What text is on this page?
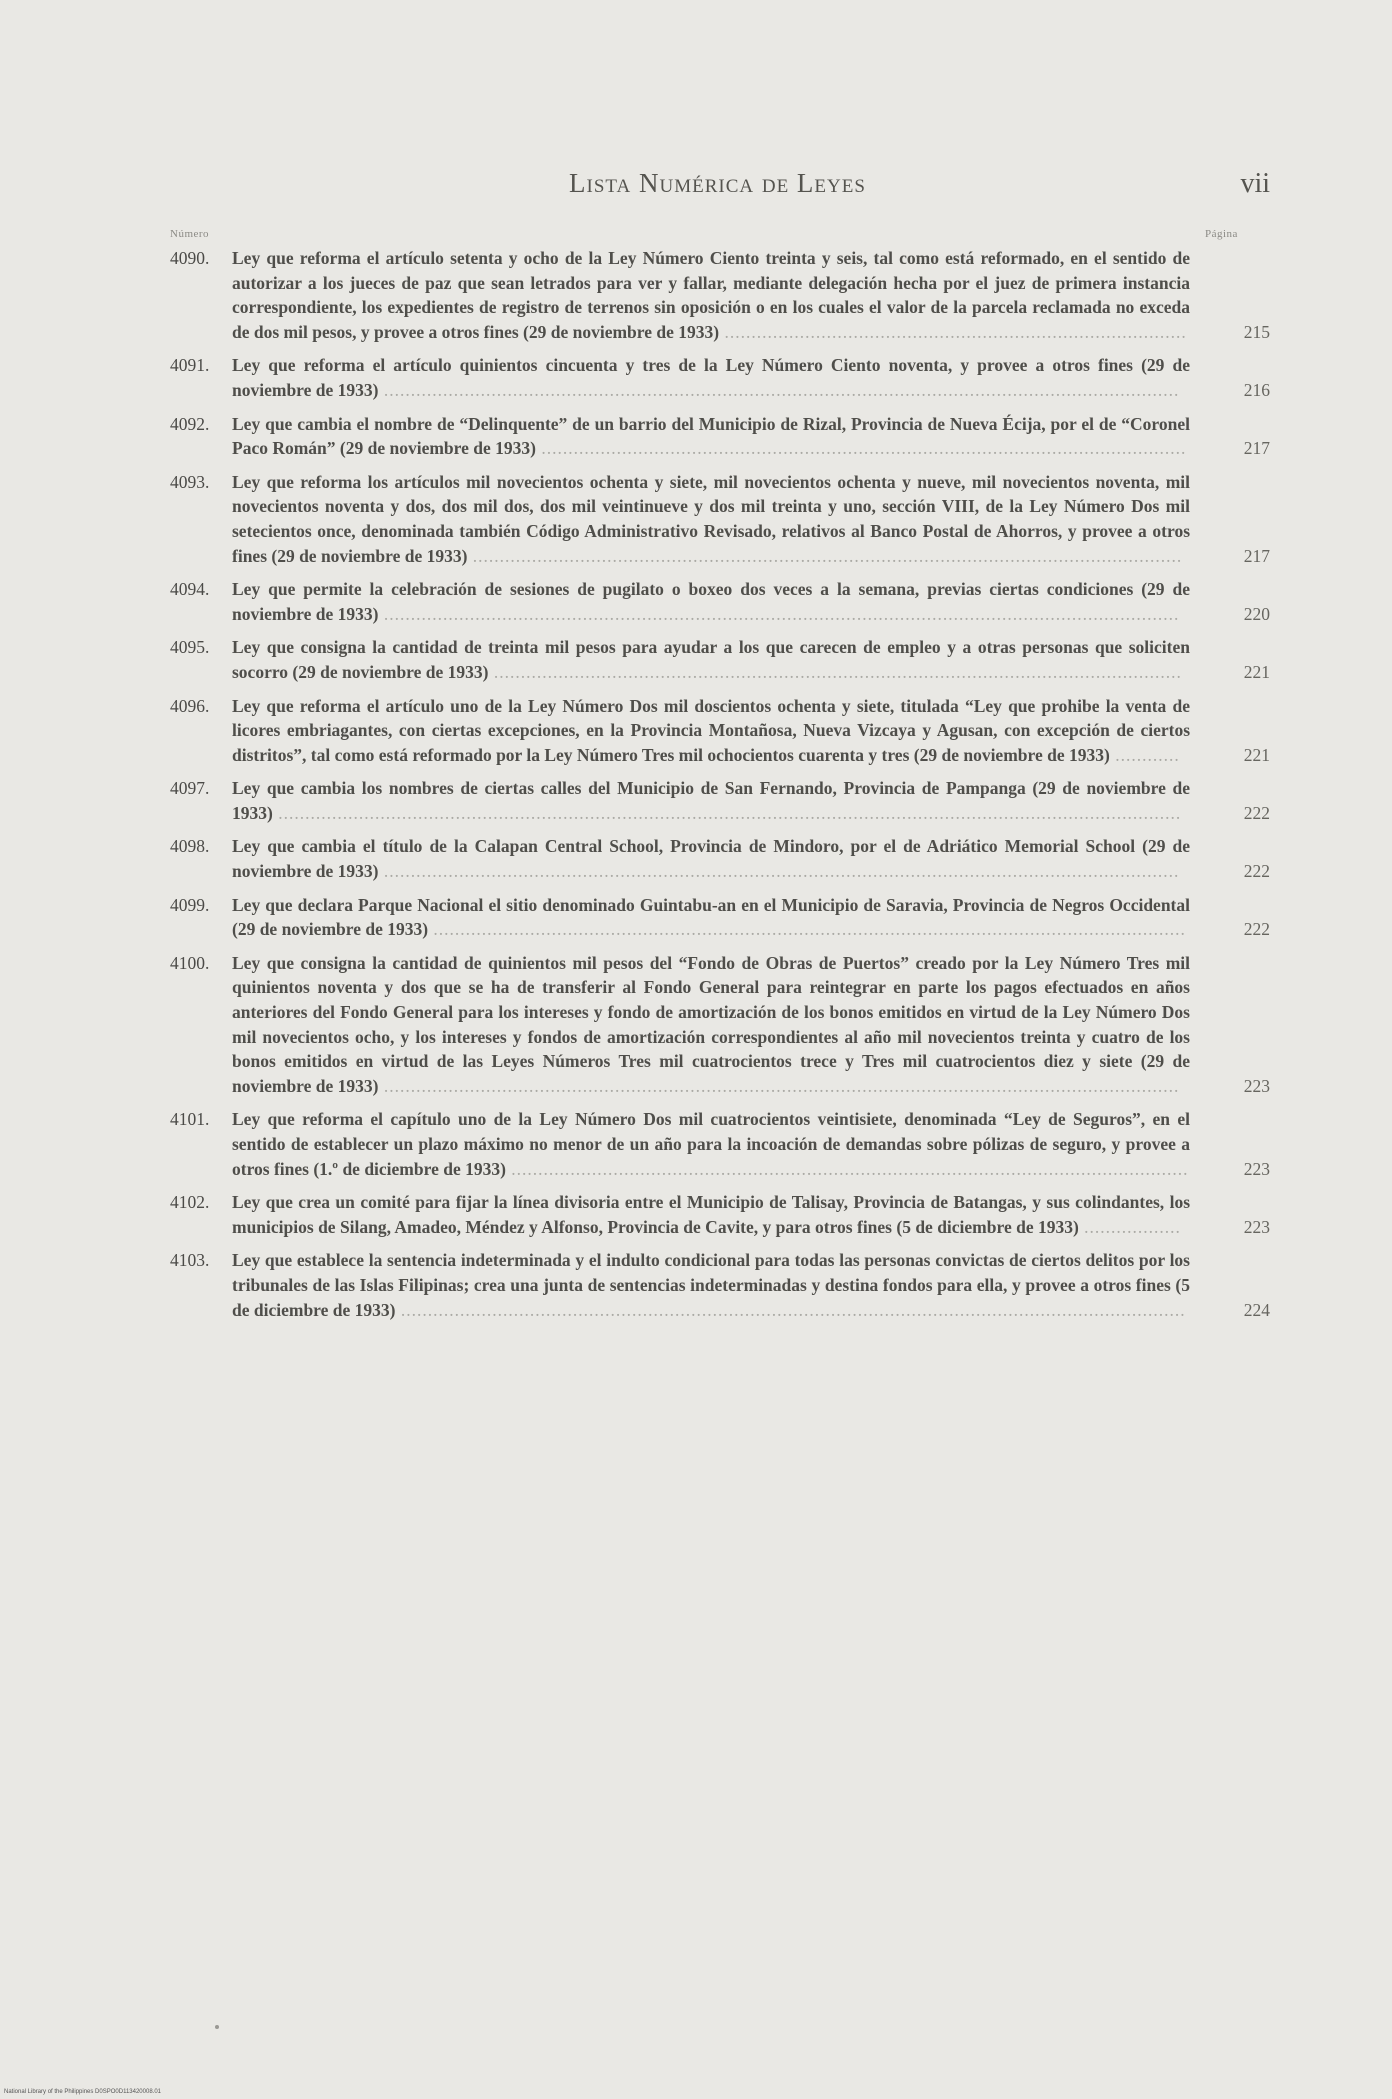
Lista Numérica de Leyes	vii
Número	Página
4090.	Ley que reforma el artículo setenta y ocho de la Ley Número Ciento treinta y seis, tal como está reformado, en el sentido de autorizar a los jueces de paz que sean letrados para ver y fallar, mediante delegación hecha por el juez de primera instancia correspondiente, los expedientes de registro de terrenos sin oposición o en los cuales el valor de la parcela reclamada no exceda de dos mil pesos, y provee a otros fines (29 de noviembre de 1933) ......................................................................................	215
4091.	Ley que reforma el artículo quinientos cincuenta y tres de la Ley Número Ciento noventa, y provee a otros fines (29 de noviembre de 1933) ....................................................................................................................................................	216
4092.	Ley que cambia el nombre de “Delinquente” de un barrio del Municipio de Rizal, Provincia de Nueva Écija, por el de “Coronel Paco Román” (29 de noviembre de 1933) ........................................................................................................................	217
4093.	Ley que reforma los artículos mil novecientos ochenta y siete, mil novecientos ochenta y nueve, mil novecientos noventa, mil novecientos noventa y dos, dos mil dos, dos mil veintinueve y dos mil treinta y uno, sección VIII, de la Ley Número Dos mil setecientos once, denominada también Código Administrativo Revisado, relativos al Banco Postal de Ahorros, y provee a otros fines (29 de noviembre de 1933) ....................................................................................................................................	217
4094.	Ley que permite la celebración de sesiones de pugilato o boxeo dos veces a la semana, previas ciertas condiciones (29 de noviembre de 1933) ....................................................................................................................................................	220
4095.	Ley que consigna la cantidad de treinta mil pesos para ayudar a los que carecen de empleo y a otras personas que soliciten socorro (29 de noviembre de 1933) ................................................................................................................................	221
4096.	Ley que reforma el artículo uno de la Ley Número Dos mil doscientos ochenta y siete, titulada “Ley que prohibe la venta de licores embriagantes, con ciertas excepciones, en la Provincia Montañosa, Nueva Vizcaya y Agusan, con excepción de ciertos distritos”, tal como está reformado por la Ley Número Tres mil ochocientos cuarenta y tres (29 de noviembre de 1933) ............	221
4097.	Ley que cambia los nombres de ciertas calles del Municipio de San Fernando, Provincia de Pampanga (29 de noviembre de 1933) ........................................................................................................................................................................	222
4098.	Ley que cambia el título de la Calapan Central School, Provincia de Mindoro, por el de Adriático Memorial School (29 de noviembre de 1933) ....................................................................................................................................................	222
4099.	Ley que declara Parque Nacional el sitio denominado Guintabu-an en el Municipio de Saravia, Provincia de Negros Occidental (29 de noviembre de 1933) ............................................................................................................................................	222
4100.	Ley que consigna la cantidad de quinientos mil pesos del “Fondo de Obras de Puertos” creado por la Ley Número Tres mil quinientos noventa y dos que se ha de transferir al Fondo General para reintegrar en parte los pagos efectuados en años anteriores del Fondo General para los intereses y fondo de amortización de los bonos emitidos en virtud de la Ley Número Dos mil novecientos ocho, y los intereses y fondos de amortización correspondientes al año mil novecientos treinta y cuatro de los bonos emitidos en virtud de las Leyes Números Tres mil cuatrocientos trece y Tres mil cuatrocientos diez y siete (29 de noviembre de 1933) ....................................................................................................................................................	223
4101.	Ley que reforma el capítulo uno de la Ley Número Dos mil cuatrocientos veintisiete, denominada “Ley de Seguros”, en el sentido de establecer un plazo máximo no menor de un año para la incoación de demandas sobre pólizas de seguro, y provee a otros fines (1.º de diciembre de 1933) ..............................................................................................................................	223
4102.	Ley que crea un comité para fijar la línea divisoria entre el Municipio de Talisay, Provincia de Batangas, y sus colindantes, los municipios de Silang, Amadeo, Méndez y Alfonso, Provincia de Cavite, y para otros fines (5 de diciembre de 1933) ..................	223
4103.	Ley que establece la sentencia indeterminada y el indulto condicional para todas las personas convictas de ciertos delitos por los tribunales de las Islas Filipinas; crea una junta de sentencias indeterminadas y destina fondos para ella, y provee a otros fines (5 de diciembre de 1933) ..................................................................................................................................................	224
National Library of the Philippines D0SPO0D113420008.01
